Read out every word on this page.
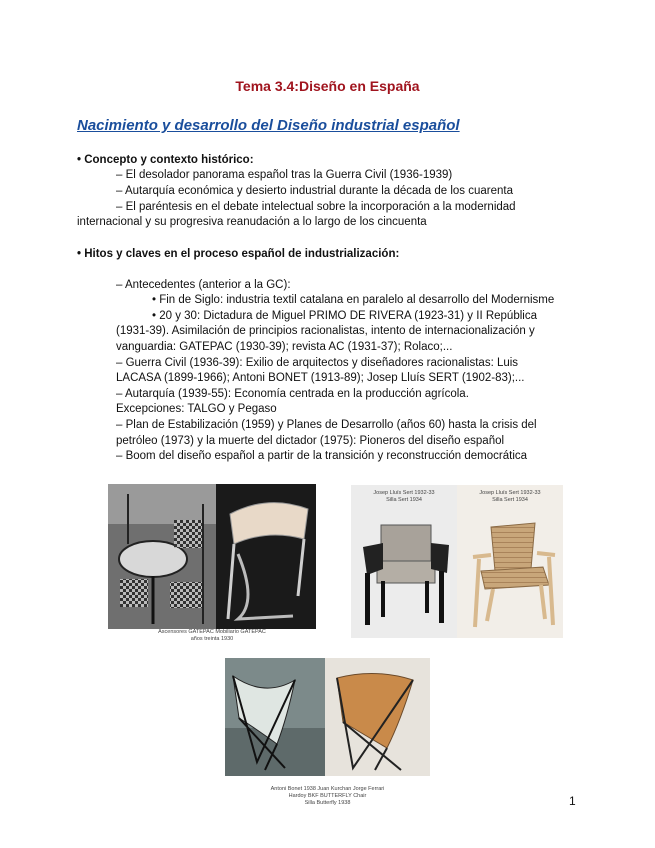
Tema 3.4:Diseño en España
Nacimiento y desarrollo del Diseño industrial español
• Concepto y contexto histórico:
– El desolador panorama español tras la Guerra Civil (1936-1939)
– Autarquía económica y desierto industrial durante la década de los cuarenta
– El paréntesis en el debate intelectual sobre la incorporación a la modernidad
internacional y su progresiva reanudación a lo largo de los cincuenta
• Hitos y claves en el proceso español de industrialización:
– Antecedentes (anterior a la GC):
• Fin de Siglo: industria textil catalana en paralelo al desarrollo del Modernisme
• 20 y 30: Dictadura de Miguel PRIMO DE RIVERA (1923-31) y II República
(1931-39). Asimilación de principios racionalistas, intento de internacionalización y
vanguardia: GATEPAC (1930-39); revista AC (1931-37); Rolaco;...
– Guerra Civil (1936-39): Exilio de arquitectos y diseñadores racionalistas: Luis
LACASA (1899-1966); Antoni BONET (1913-89); Josep Lluís SERT (1902-83);...
– Autarquía (1939-55): Economía centrada en la producción agrícola.
Excepciones: TALGO y Pegaso
– Plan de Estabilización (1959) y Planes de Desarrollo (años 60) hasta la crisis del
petróleo (1973) y la muerte del dictador (1975): Pioneros del diseño español
– Boom del diseño español a partir de la transición y reconstrucción democrática
Ascensores GATEPAC Mobiliario GATEPAC
años treinta 1930
Josep Lluís Sert 1932-33
Silla Sert 1934
Josep Lluís Sert 1932-33
Silla Sert 1934
Antoni Bonet 1938 Juan Kurchan Jorge Ferrari
Hardoy BKF BUTTERFLY Chair
Silla Butterfly 1938	1
